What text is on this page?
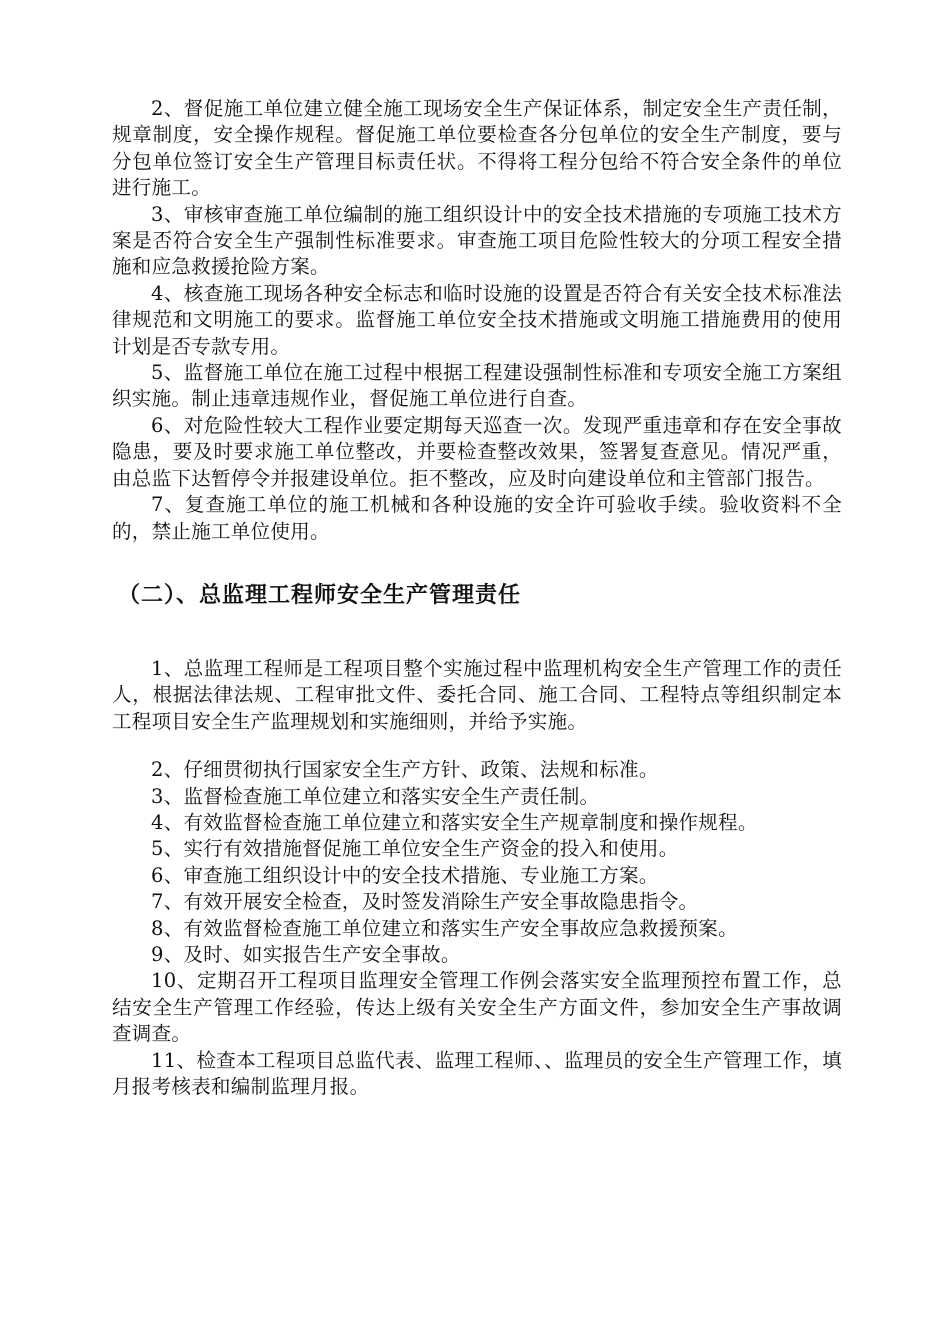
2、督促施工单位建立健全施工现场安全生产保证体系，制定安全生产责任制，规章制度，安全操作规程。督促施工单位要检查各分包单位的安全生产制度，要与分包单位签订安全生产管理目标责任状。不得将工程分包给不符合安全条件的单位进行施工。

3、审核审查施工单位编制的施工组织设计中的安全技术措施的专项施工技术方案是否符合安全生产强制性标准要求。审查施工项目危险性较大的分项工程安全措施和应急救援抢险方案。

4、核查施工现场各种安全标志和临时设施的设置是否符合有关安全技术标准法律规范和文明施工的要求。监督施工单位安全技术措施或文明施工措施费用的使用计划是否专款专用。

5、监督施工单位在施工过程中根据工程建设强制性标准和专项安全施工方案组织实施。制止违章违规作业，督促施工单位进行自查。

6、对危险性较大工程作业要定期每天巡查一次。发现严重违章和存在安全事故隐患，要及时要求施工单位整改，并要检查整改效果，签署复查意见。情况严重，由总监下达暂停令并报建设单位。拒不整改，应及时向建设单位和主管部门报告。

7、复查施工单位的施工机械和各种设施的安全许可验收手续。验收资料不全的，禁止施工单位使用。

（二）、总监理工程师安全生产管理责任

1、总监理工程师是工程项目整个实施过程中监理机构安全生产管理工作的责任人，根据法律法规、工程审批文件、委托合同、施工合同、工程特点等组织制定本工程项目安全生产监理规划和实施细则，并给予实施。

2、仔细贯彻执行国家安全生产方针、政策、法规和标准。

3、监督检查施工单位建立和落实安全生产责任制。

4、有效监督检查施工单位建立和落实安全生产规章制度和操作规程。

5、实行有效措施督促施工单位安全生产资金的投入和使用。

6、审查施工组织设计中的安全技术措施、专业施工方案。

7、有效开展安全检查，及时签发消除生产安全事故隐患指令。

8、有效监督检查施工单位建立和落实生产安全事故应急救援预案。

9、及时、如实报告生产安全事故。

10、定期召开工程项目监理安全管理工作例会落实安全监理预控布置工作，总结安全生产管理工作经验，传达上级有关安全生产方面文件，参加安全生产事故调查调查。

11、检查本工程项目总监代表、监理工程师、、监理员的安全生产管理工作，填月报考核表和编制监理月报。
